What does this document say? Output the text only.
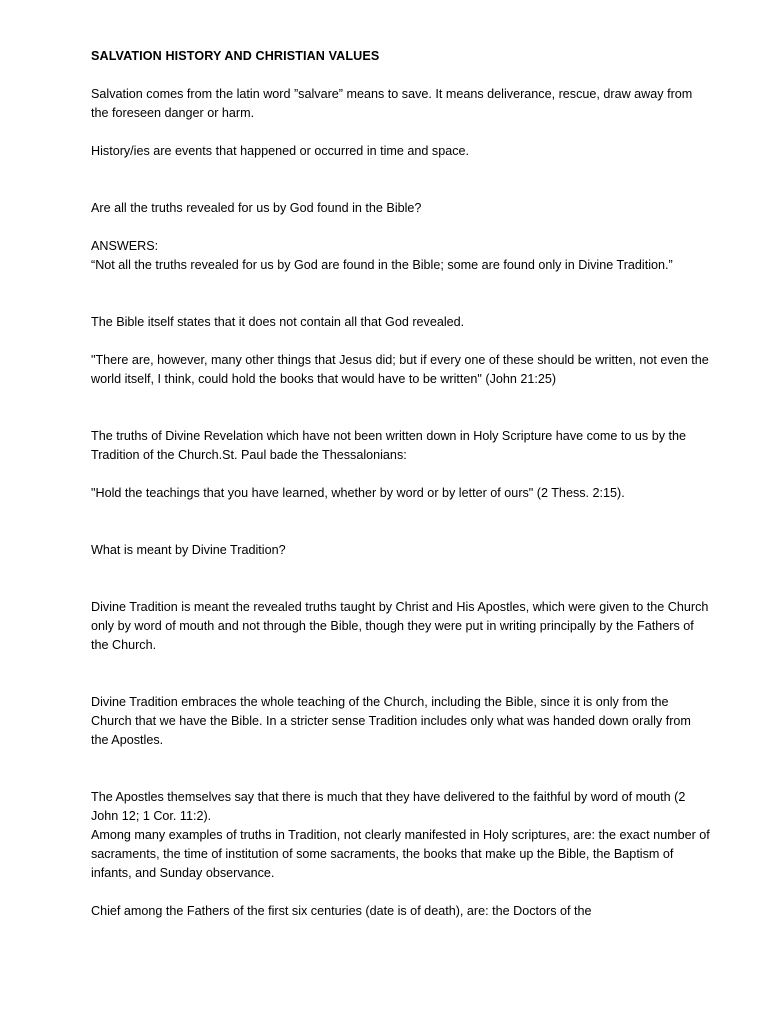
SALVATION HISTORY AND CHRISTIAN VALUES

Salvation comes from the latin word ”salvare” means to save. It means deliverance, rescue, draw away from the foreseen danger or harm.

History/ies are events that happened or occurred in time and space.

Are all the truths revealed for us by God found in the Bible?

ANSWERS:

“Not all the truths revealed for us by God are found in the Bible; some are found only in Divine Tradition.”

The Bible itself states that it does not contain all that God revealed.

"There are, however, many other things that Jesus did; but if every one of these should be written, not even the world itself, I think, could hold the books that would have to be written" (John 21:25)

The truths of Divine Revelation which have not been written down in Holy Scripture have come to us by the Tradition of the Church.St. Paul bade the Thessalonians:

"Hold the teachings that you have learned, whether by word or by letter of ours" (2 Thess. 2:15).

What is meant by Divine Tradition?

Divine Tradition is meant the revealed truths taught by Christ and His Apostles, which were given to the Church only by word of mouth and not through the Bible, though they were put in writing principally by the Fathers of the Church.

Divine Tradition embraces the whole teaching of the Church, including the Bible, since it is only from the Church that we have the Bible. In a stricter sense Tradition includes only what was handed down orally from the Apostles.

The Apostles themselves say that there is much that they have delivered to the faithful by word of mouth (2 John 12; 1 Cor. 11:2).

Among many examples of truths in Tradition, not clearly manifested in Holy scriptures, are: the exact number of sacraments, the time of institution of some sacraments, the books that make up the Bible, the Baptism of infants, and Sunday observance.

Chief among the Fathers of the first six centuries (date is of death), are: the Doctors of the
